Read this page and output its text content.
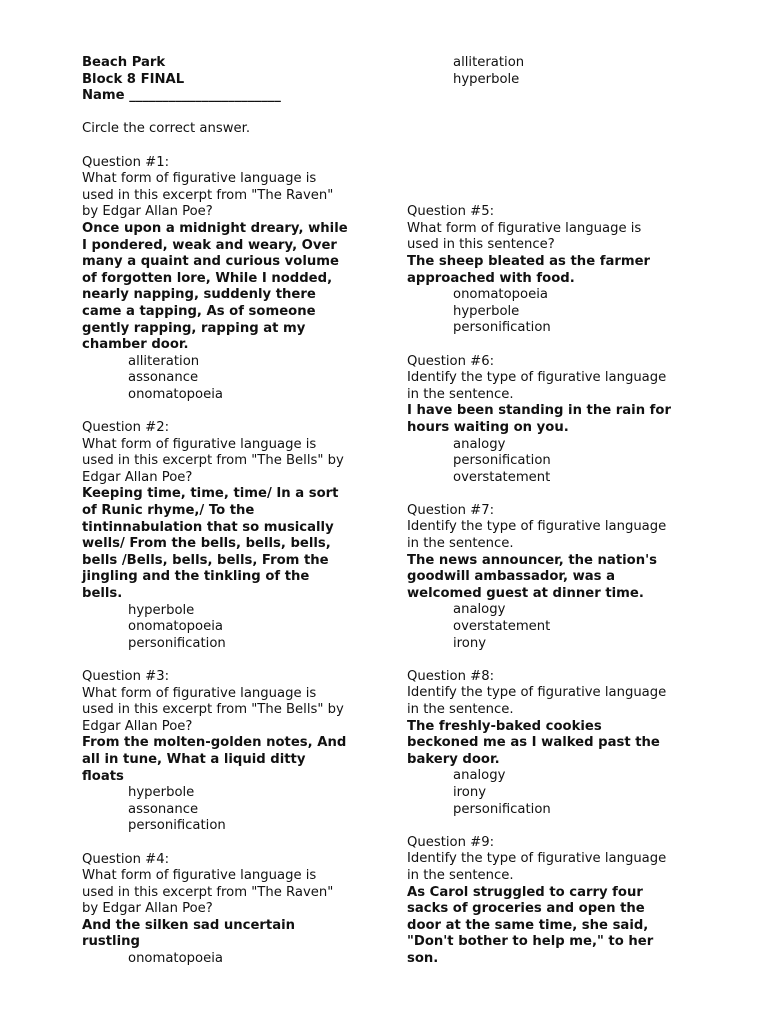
Beach Park
Block 8 FINAL
Name _______________________
Circle the correct answer.
Question #1:
What form of figurative language is
used in this excerpt from "The Raven"
by Edgar Allan Poe?
Once upon a midnight dreary, while
I pondered, weak and weary, Over
many a quaint and curious volume
of forgotten lore, While I nodded,
nearly napping, suddenly there
came a tapping, As of someone
gently rapping, rapping at my
chamber door.
alliteration
assonance
onomatopoeia
Question #2:
What form of figurative language is
used in this excerpt from "The Bells" by
Edgar Allan Poe?
Keeping time, time, time/ In a sort
of Runic rhyme,/ To the
tintinnabulation that so musically
wells/ From the bells, bells, bells,
bells /Bells, bells, bells, From the
jingling and the tinkling of the
bells.
hyperbole
onomatopoeia
personification
Question #3:
What form of figurative language is
used in this excerpt from "The Bells" by
Edgar Allan Poe?
From the molten-golden notes, And
all in tune, What a liquid ditty
floats
hyperbole
assonance
personification
Question #4:
What form of figurative language is
used in this excerpt from "The Raven"
by Edgar Allan Poe?
And the silken sad uncertain
rustling
onomatopoeia
alliteration
hyperbole
Question #5:
What form of figurative language is
used in this sentence?
The sheep bleated as the farmer
approached with food.
onomatopoeia
hyperbole
personification
Question #6:
Identify the type of figurative language
in the sentence.
I have been standing in the rain for
hours waiting on you.
analogy
personification
overstatement
Question #7:
Identify the type of figurative language
in the sentence.
The news announcer, the nation's
goodwill ambassador, was a
welcomed guest at dinner time.
analogy
overstatement
irony
Question #8:
Identify the type of figurative language
in the sentence.
The freshly-baked cookies
beckoned me as I walked past the
bakery door.
analogy
irony
personification
Question #9:
Identify the type of figurative language
in the sentence.
As Carol struggled to carry four
sacks of groceries and open the
door at the same time, she said,
"Don't bother to help me," to her
son.
